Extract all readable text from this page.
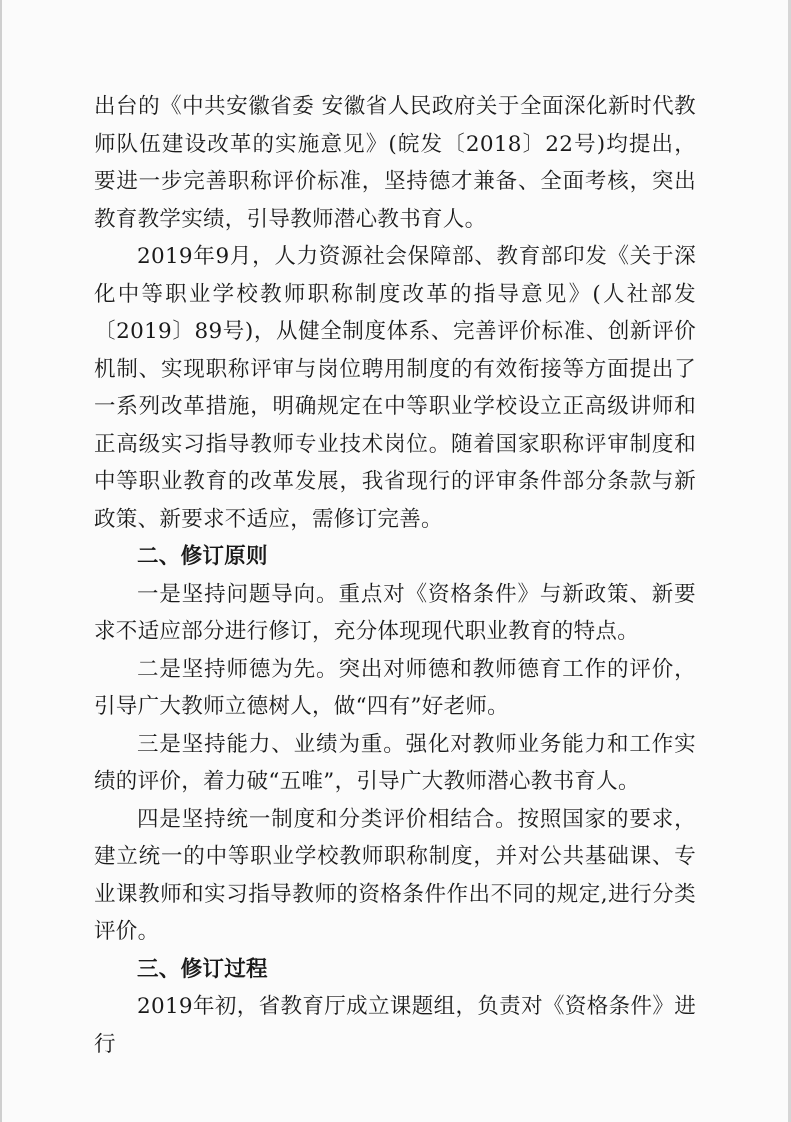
出台的《中共安徽省委 安徽省人民政府关于全面深化新时代教师队伍建设改革的实施意见》(皖发〔2018〕22号)均提出，要进一步完善职称评价标准，坚持德才兼备、全面考核，突出教育教学实绩，引导教师潜心教书育人。

2019年9月，人力资源社会保障部、教育部印发《关于深化中等职业学校教师职称制度改革的指导意见》(人社部发〔2019〕89号)，从健全制度体系、完善评价标准、创新评价机制、实现职称评审与岗位聘用制度的有效衔接等方面提出了一系列改革措施，明确规定在中等职业学校设立正高级讲师和正高级实习指导教师专业技术岗位。随着国家职称评审制度和中等职业教育的改革发展，我省现行的评审条件部分条款与新政策、新要求不适应，需修订完善。

二、修订原则

一是坚持问题导向。重点对《资格条件》与新政策、新要求不适应部分进行修订，充分体现现代职业教育的特点。

二是坚持师德为先。突出对师德和教师德育工作的评价，引导广大教师立德树人，做“四有”好老师。

三是坚持能力、业绩为重。强化对教师业务能力和工作实绩的评价，着力破“五唯”，引导广大教师潜心教书育人。

四是坚持统一制度和分类评价相结合。按照国家的要求，建立统一的中等职业学校教师职称制度，并对公共基础课、专业课教师和实习指导教师的资格条件作出不同的规定,进行分类评价。

三、修订过程

2019年初，省教育厅成立课题组，负责对《资格条件》进行
